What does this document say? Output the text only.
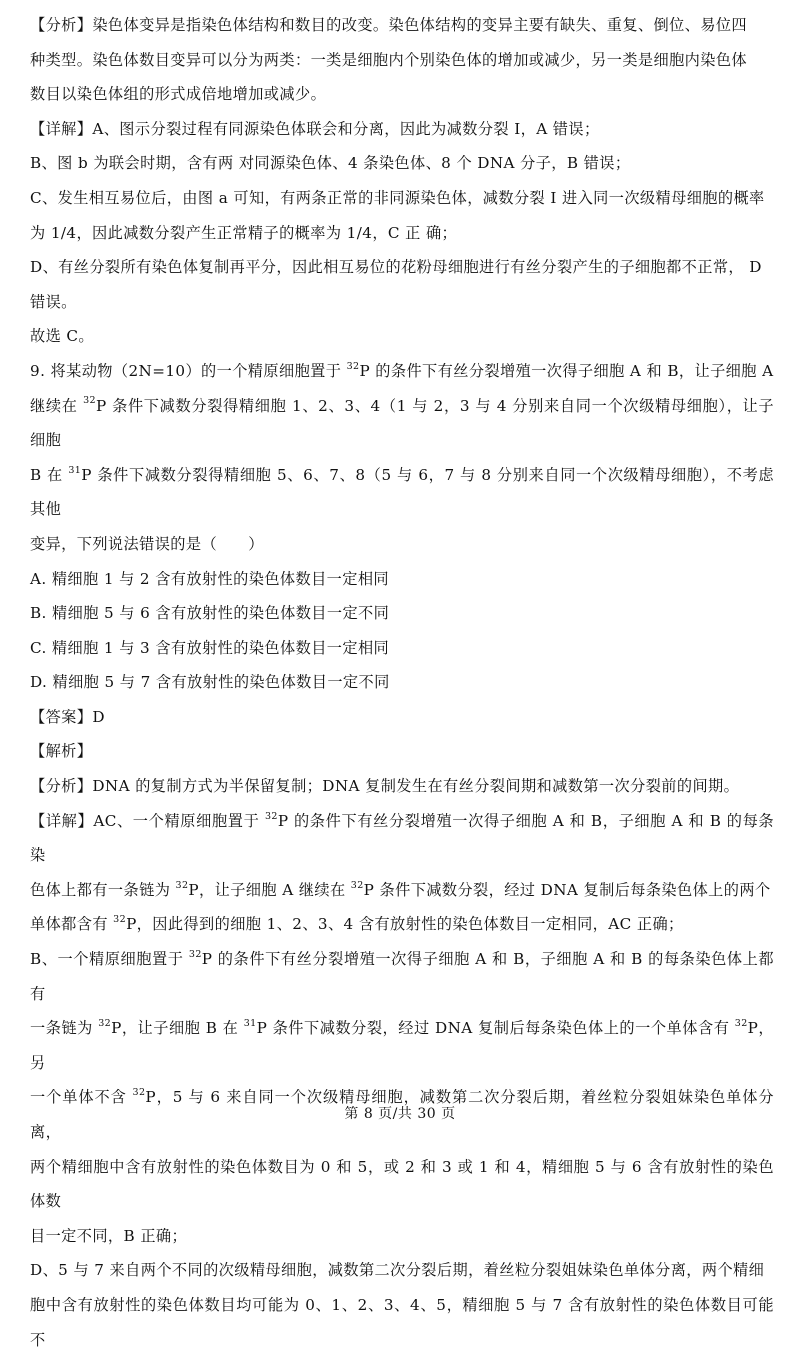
【分析】染色体变异是指染色体结构和数目的改变。染色体结构的变异主要有缺失、重复、倒位、易位四

种类型。染色体数目变异可以分为两类：一类是细胞内个别染色体的增加或减少，另一类是细胞内染色体

数目以染色体组的形式成倍地增加或减少。

【详解】A、图示分裂过程有同源染色体联会和分离，因此为减数分裂 I，A 错误；

B、图 b 为联会时期，含有两 对同源染色体、4 条染色体、8 个 DNA 分子，B 错误；

C、发生相互易位后，由图 a 可知，有两条正常的非同源染色体，减数分裂 I 进入同一次级精母细胞的概率

为 1/4，因此减数分裂产生正常精子的概率为 1/4，C 正 确；

D、有丝分裂所有染色体复制再平分，因此相互易位的花粉母细胞进行有丝分裂产生的子细胞都不正常， D

错误。

故选 C。

9. 将某动物（2N=10）的一个精原细胞置于 $^{32}$P 的条件下有丝分裂增殖一次得子细胞 A 和 B，让子细胞 A

继续在 $^{32}$P 条件下减数分裂得精细胞 1、2、3、4（1 与 2，3 与 4 分别来自同一个次级精母细胞），让子细胞

B 在 $^{31}$P 条件下减数分裂得精细胞 5、6、7、8（5 与 6，7 与 8 分别来自同一个次级精母细胞），不考虑其他

变异，下列说法错误的是（　　）

A. 精细胞 1 与 2 含有放射性的染色体数目一定相同

B. 精细胞 5 与 6 含有放射性的染色体数目一定不同

C. 精细胞 1 与 3 含有放射性的染色体数目一定相同

D. 精细胞 5 与 7 含有放射性的染色体数目一定不同

【答案】D

【解析】

【分析】DNA 的复制方式为半保留复制；DNA 复制发生在有丝分裂间期和减数第一次分裂前的间期。

【详解】AC、一个精原细胞置于 $^{32}$P 的条件下有丝分裂增殖一次得子细胞 A 和 B，子细胞 A 和 B 的每条染

色体上都有一条链为 $^{32}$P，让子细胞 A 继续在 $^{32}$P 条件下减数分裂，经过 DNA 复制后每条染色体上的两个

单体都含有 $^{32}$P，因此得到的细胞 1、2、3、4 含有放射性的染色体数目一定相同，AC 正确；

B、一个精原细胞置于 $^{32}$P 的条件下有丝分裂增殖一次得子细胞 A 和 B，子细胞 A 和 B 的每条染色体上都有

一条链为 $^{32}$P，让子细胞 B 在 $^{31}$P 条件下减数分裂，经过 DNA 复制后每条染色体上的一个单体含有 $^{32}$P，另

一个单体不含 $^{32}$P，5 与 6 来自同一个次级精母细胞，减数第二次分裂后期，着丝粒分裂姐妹染色单体分离，

两个精细胞中含有放射性的染色体数目为 0 和 5，或 2 和 3 或 1 和 4，精细胞 5 与 6 含有放射性的染色体数

目一定不同，B 正确；

D、5 与 7 来自两个不同的次级精母细胞，减数第二次分裂后期，着丝粒分裂姐妹染色单体分离，两个精细

胞中含有放射性的染色体数目均可能为 0、1、2、3、4、5，精细胞 5 与 7 含有放射性的染色体数目可能不

第 8 页/共 30 页
